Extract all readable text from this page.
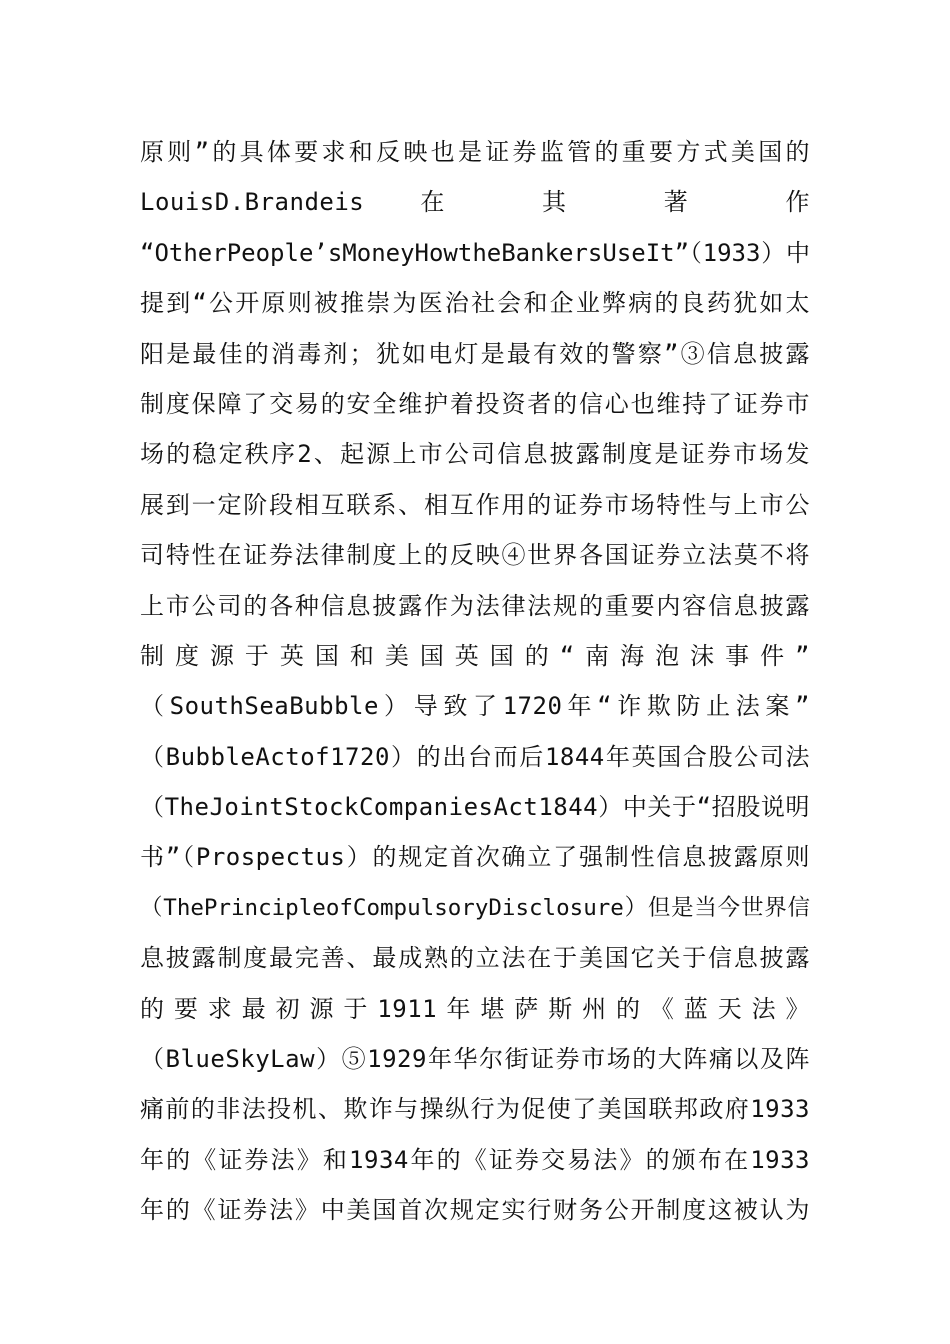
原则”的具体要求和反映也是证券监管的重要方式美国的
LouisD.Brandeis 在 其 著 作
“OtherPeople’sMoneyHowtheBankersUseIt”（1933）中
提到“公开原则被推崇为医治社会和企业弊病的良药犹如太
阳是最佳的消毒剂；犹如电灯是最有效的警察”③信息披露
制度保障了交易的安全维护着投资者的信心也维持了证券市
场的稳定秩序2、起源上市公司信息披露制度是证券市场发
展到一定阶段相互联系、相互作用的证券市场特性与上市公
司特性在证券法律制度上的反映④世界各国证券立法莫不将
上市公司的各种信息披露作为法律法规的重要内容信息披露
制度源于英国和美国英国的“南海泡沫事件”
（SouthSeaBubble）导致了1720年“诈欺防止法案”
（BubbleActof1720）的出台而后1844年英国合股公司法
（TheJointStockCompaniesAct1844）中关于“招股说明
书”（Prospectus）的规定首次确立了强制性信息披露原则
（ThePrincipleofCompulsoryDisclosure）但是当今世界信
息披露制度最完善、最成熟的立法在于美国它关于信息披露
的要求最初源于1911年堪萨斯州的《蓝天法》
（BlueSkyLaw）⑤1929年华尔街证券市场的大阵痛以及阵
痛前的非法投机、欺诈与操纵行为促使了美国联邦政府1933
年的《证券法》和1934年的《证券交易法》的颁布在1933
年的《证券法》中美国首次规定实行财务公开制度这被认为
